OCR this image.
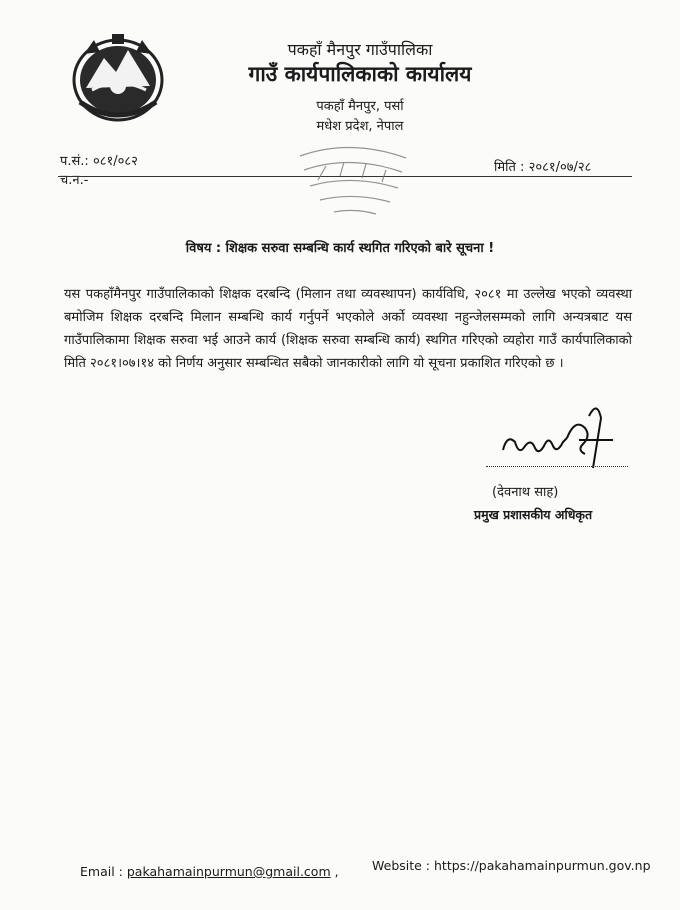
पकहाँ मैनपुर गाउँपालिका
गाउँ कार्यपालिकाको कार्यालय
पकहाँ मैनपुर, पर्सा
मधेश प्रदेश, नेपाल
प.सं.: ०८१/०८२
च.न.-
मिति : २०८१/०७/२८
विषय : शिक्षक सरुवा सम्बन्धि कार्य स्थगित गरिएको बारे सूचना !
यस पकहाँमैनपुर गाउँपालिकाको शिक्षक दरबन्दि (मिलान तथा व्यवस्थापन) कार्यविधि, २०८१ मा उल्लेख भएको व्यवस्था बमोजिम शिक्षक दरबन्दि मिलान सम्बन्धि कार्य गर्नुपर्ने भएकोले अर्को व्यवस्था नहुन्जेलसम्मको लागि अन्यत्रबाट यस गाउँपालिकामा शिक्षक सरुवा भई आउने कार्य (शिक्षक सरुवा सम्बन्धि कार्य) स्थगित गरिएको व्यहोरा गाउँ कार्यपालिकाको मिति २०८१।०७।१४ को निर्णय अनुसार सम्बन्धित सबैको जानकारीको लागि यो सूचना प्रकाशित गरिएको छ ।
(देवनाथ साह)
प्रमुख प्रशासकीय अधिकृत
Email : pakahamainpurmun@gmail.com ,	Website : https://pakahamainpurmun.gov.np
